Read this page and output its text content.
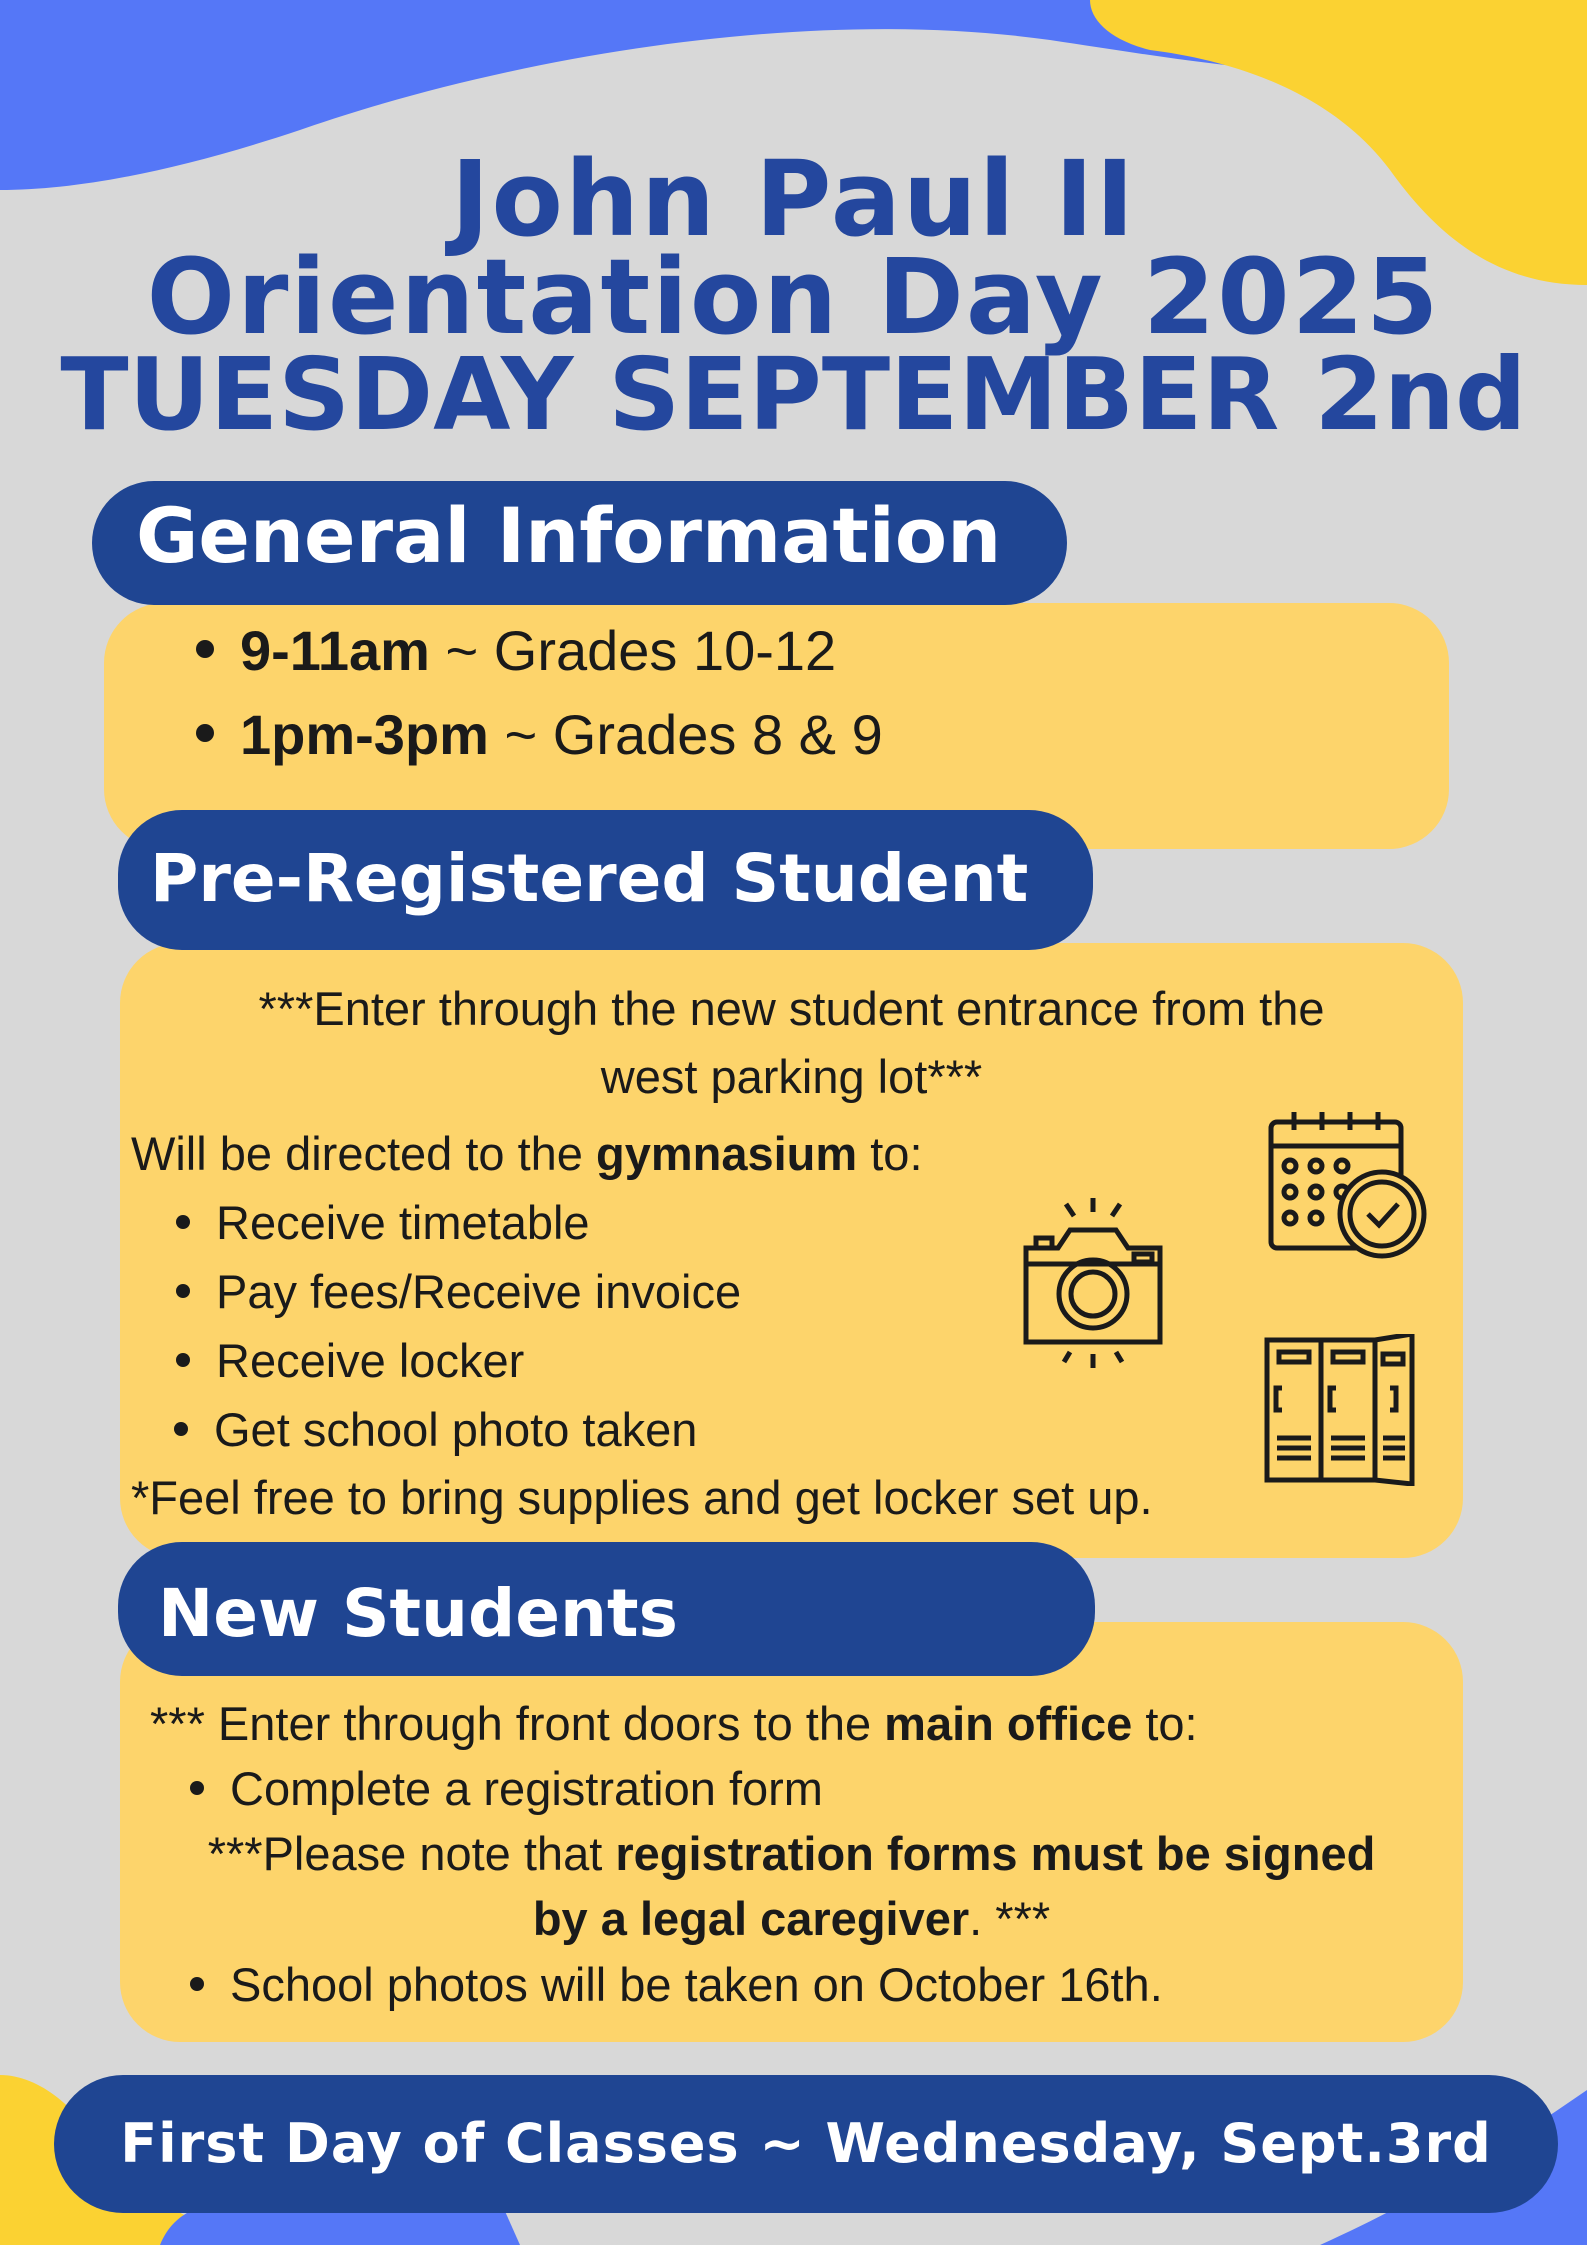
John Paul II
Orientation Day 2025
TUESDAY SEPTEMBER 2nd
General Information
9-11am ~ Grades 10-12
1pm-3pm ~ Grades 8 & 9
Pre-Registered Student
***Enter through the new student entrance from the
west parking lot***
Will be directed to the gymnasium to:
Receive timetable
Pay fees/Receive invoice
Receive locker
Get school photo taken
*Feel free to bring supplies and get locker set up.
New Students
*** Enter through front doors to the main office to:
Complete a registration form
***Please note that registration forms must be signed
by a legal caregiver. ***
School photos will be taken on October 16th.
First Day of Classes ~ Wednesday, Sept.3rd
